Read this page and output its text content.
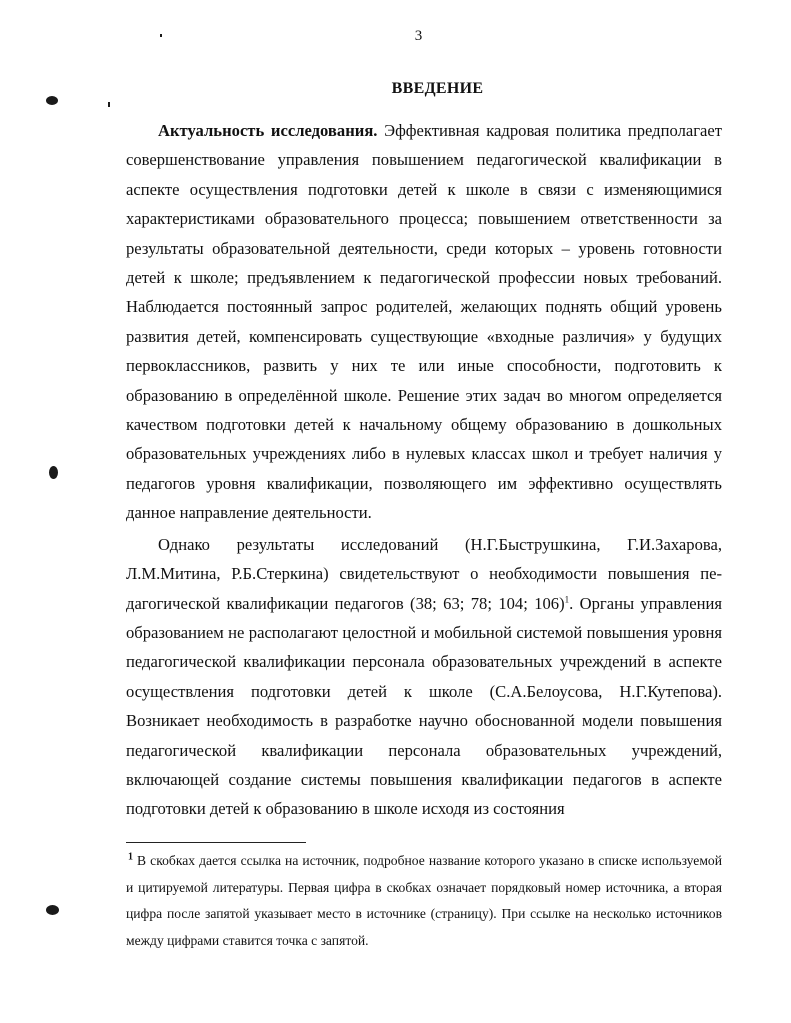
3
ВВЕДЕНИЕ

Актуальность исследования. Эффективная кадровая политика предполагает совершенствование управления повышением педагогической квалификации в аспекте осуществления подготовки детей к школе в связи с изменяющимися характеристиками образовательного процесса; повышением ответственности за результаты образовательной деятельности, среди которых – уровень готовности детей к школе; предъявлением к педагогической профессии новых требований. Наблюдается постоянный запрос родителей, желающих поднять общий уровень развития детей, компенсировать существующие «входные различия» у будущих первоклассников, развить у них те или иные способности, подготовить к образованию в определённой школе. Решение этих задач во многом определяется качеством подготовки детей к начальному общему образованию в дошкольных образовательных учреждениях либо в нулевых классах школ и требует наличия у педагогов уровня квалификации, позволяющего им эффективно осуществлять данное направление деятельности.

Однако результаты исследований (Н.Г.Быструшкина, Г.И.Захарова, Л.М.Митина, Р.Б.Стеркина) свидетельствуют о необходимости повышения педагогической квалификации педагогов (38; 63; 78; 104; 106)$^1$. Органы управления образованием не располагают целостной и мобильной системой повышения уровня педагогической квалификации персонала образовательных учреждений в аспекте осуществления подготовки детей к школе (С.А.Белоусова, Н.Г.Кутепова). Возникает необходимость в разработке научно обоснованной модели повышения педагогической квалификации персонала образовательных учреждений, включающей создание системы повышения квалификации педагогов в аспекте подготовки детей к образованию в школе исходя из состояния

$^1$ В скобках дается ссылка на источник, подробное название которого указано в списке используемой и цитируемой литературы. Первая цифра в скобках означает порядковый номер источника, а вторая цифра после запятой указывает место в источнике (страницу). При ссылке на несколько источников между цифрами ставится точка с запятой.
